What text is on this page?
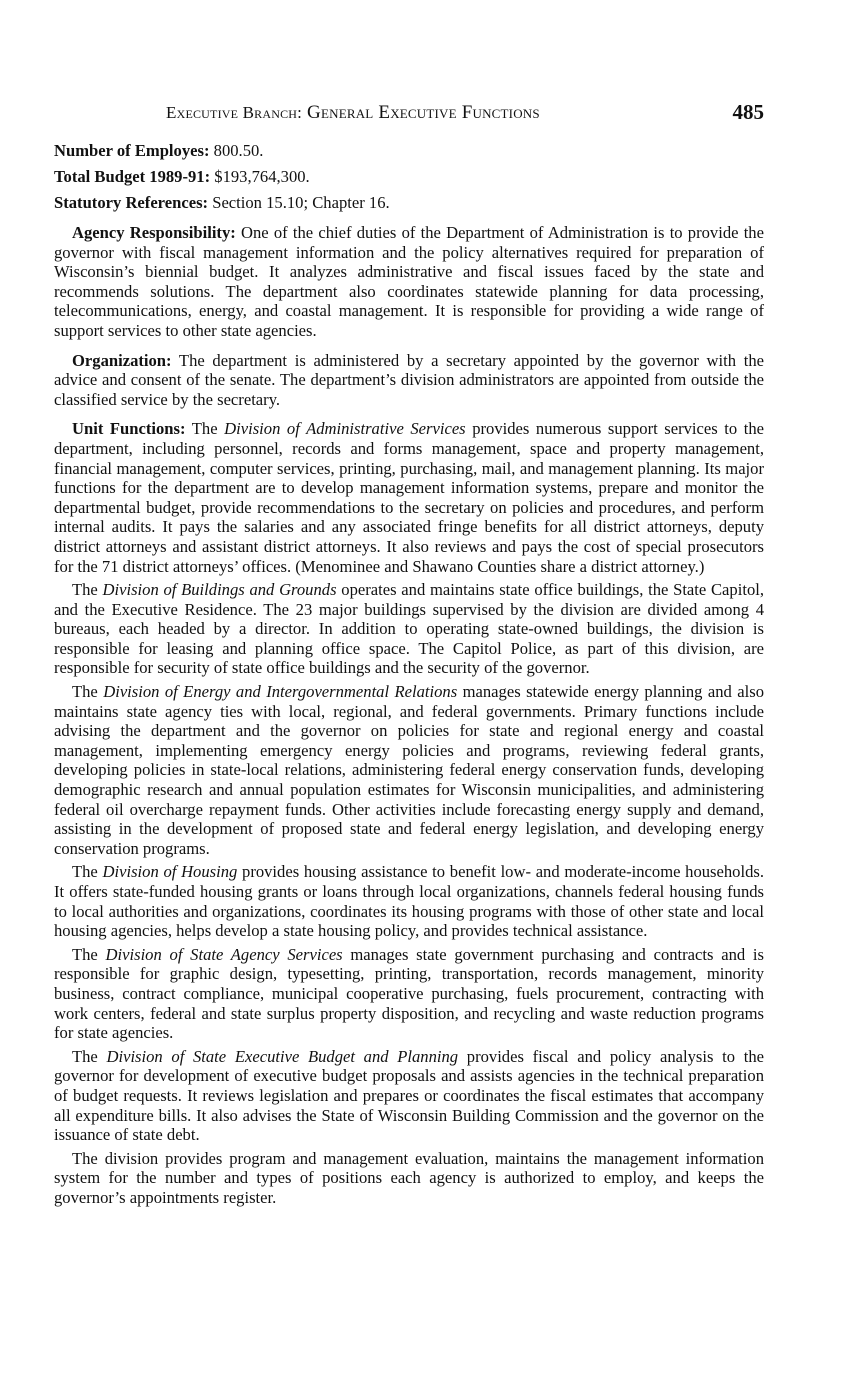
Executive Branch: General Executive Functions	485
Number of Employes: 800.50.
Total Budget 1989-91: $193,764,300.
Statutory References: Section 15.10; Chapter 16.

Agency Responsibility: One of the chief duties of the Department of Administration is to provide the governor with fiscal management information and the policy alternatives required for preparation of Wisconsin’s biennial budget. It analyzes administrative and fiscal issues faced by the state and recommends solutions. The department also coordinates statewide planning for data processing, telecommunications, energy, and coastal management. It is responsible for providing a wide range of support services to other state agencies.

Organization: The department is administered by a secretary appointed by the governor with the advice and consent of the senate. The department’s division administrators are appointed from outside the classified service by the secretary.

Unit Functions: The Division of Administrative Services provides numerous support services to the department, including personnel, records and forms management, space and property management, financial management, computer services, printing, purchasing, mail, and management planning. Its major functions for the department are to develop management information systems, prepare and monitor the departmental budget, provide recommendations to the secretary on policies and procedures, and perform internal audits. It pays the salaries and any associated fringe benefits for all district attorneys, deputy district attorneys and assistant district attorneys. It also reviews and pays the cost of special prosecutors for the 71 district attorneys’ offices. (Menominee and Shawano Counties share a district attorney.)

The Division of Buildings and Grounds operates and maintains state office buildings, the State Capitol, and the Executive Residence. The 23 major buildings supervised by the division are divided among 4 bureaus, each headed by a director. In addition to operating state-owned buildings, the division is responsible for leasing and planning office space. The Capitol Police, as part of this division, are responsible for security of state office buildings and the security of the governor.

The Division of Energy and Intergovernmental Relations manages statewide energy planning and also maintains state agency ties with local, regional, and federal governments. Primary functions include advising the department and the governor on policies for state and regional energy and coastal management, implementing emergency energy policies and programs, reviewing federal grants, developing policies in state-local relations, administering federal energy conservation funds, developing demographic research and annual population estimates for Wisconsin municipalities, and administering federal oil overcharge repayment funds. Other activities include forecasting energy supply and demand, assisting in the development of proposed state and federal energy legislation, and developing energy conservation programs.

The Division of Housing provides housing assistance to benefit low- and moderate-income households. It offers state-funded housing grants or loans through local organizations, channels federal housing funds to local authorities and organizations, coordinates its housing programs with those of other state and local housing agencies, helps develop a state housing policy, and provides technical assistance.

The Division of State Agency Services manages state government purchasing and contracts and is responsible for graphic design, typesetting, printing, transportation, records management, minority business, contract compliance, municipal cooperative purchasing, fuels procurement, contracting with work centers, federal and state surplus property disposition, and recycling and waste reduction programs for state agencies.

The Division of State Executive Budget and Planning provides fiscal and policy analysis to the governor for development of executive budget proposals and assists agencies in the technical preparation of budget requests. It reviews legislation and prepares or coordinates the fiscal estimates that accompany all expenditure bills. It also advises the State of Wisconsin Building Commission and the governor on the issuance of state debt.

The division provides program and management evaluation, maintains the management information system for the number and types of positions each agency is authorized to employ, and keeps the governor’s appointments register.
